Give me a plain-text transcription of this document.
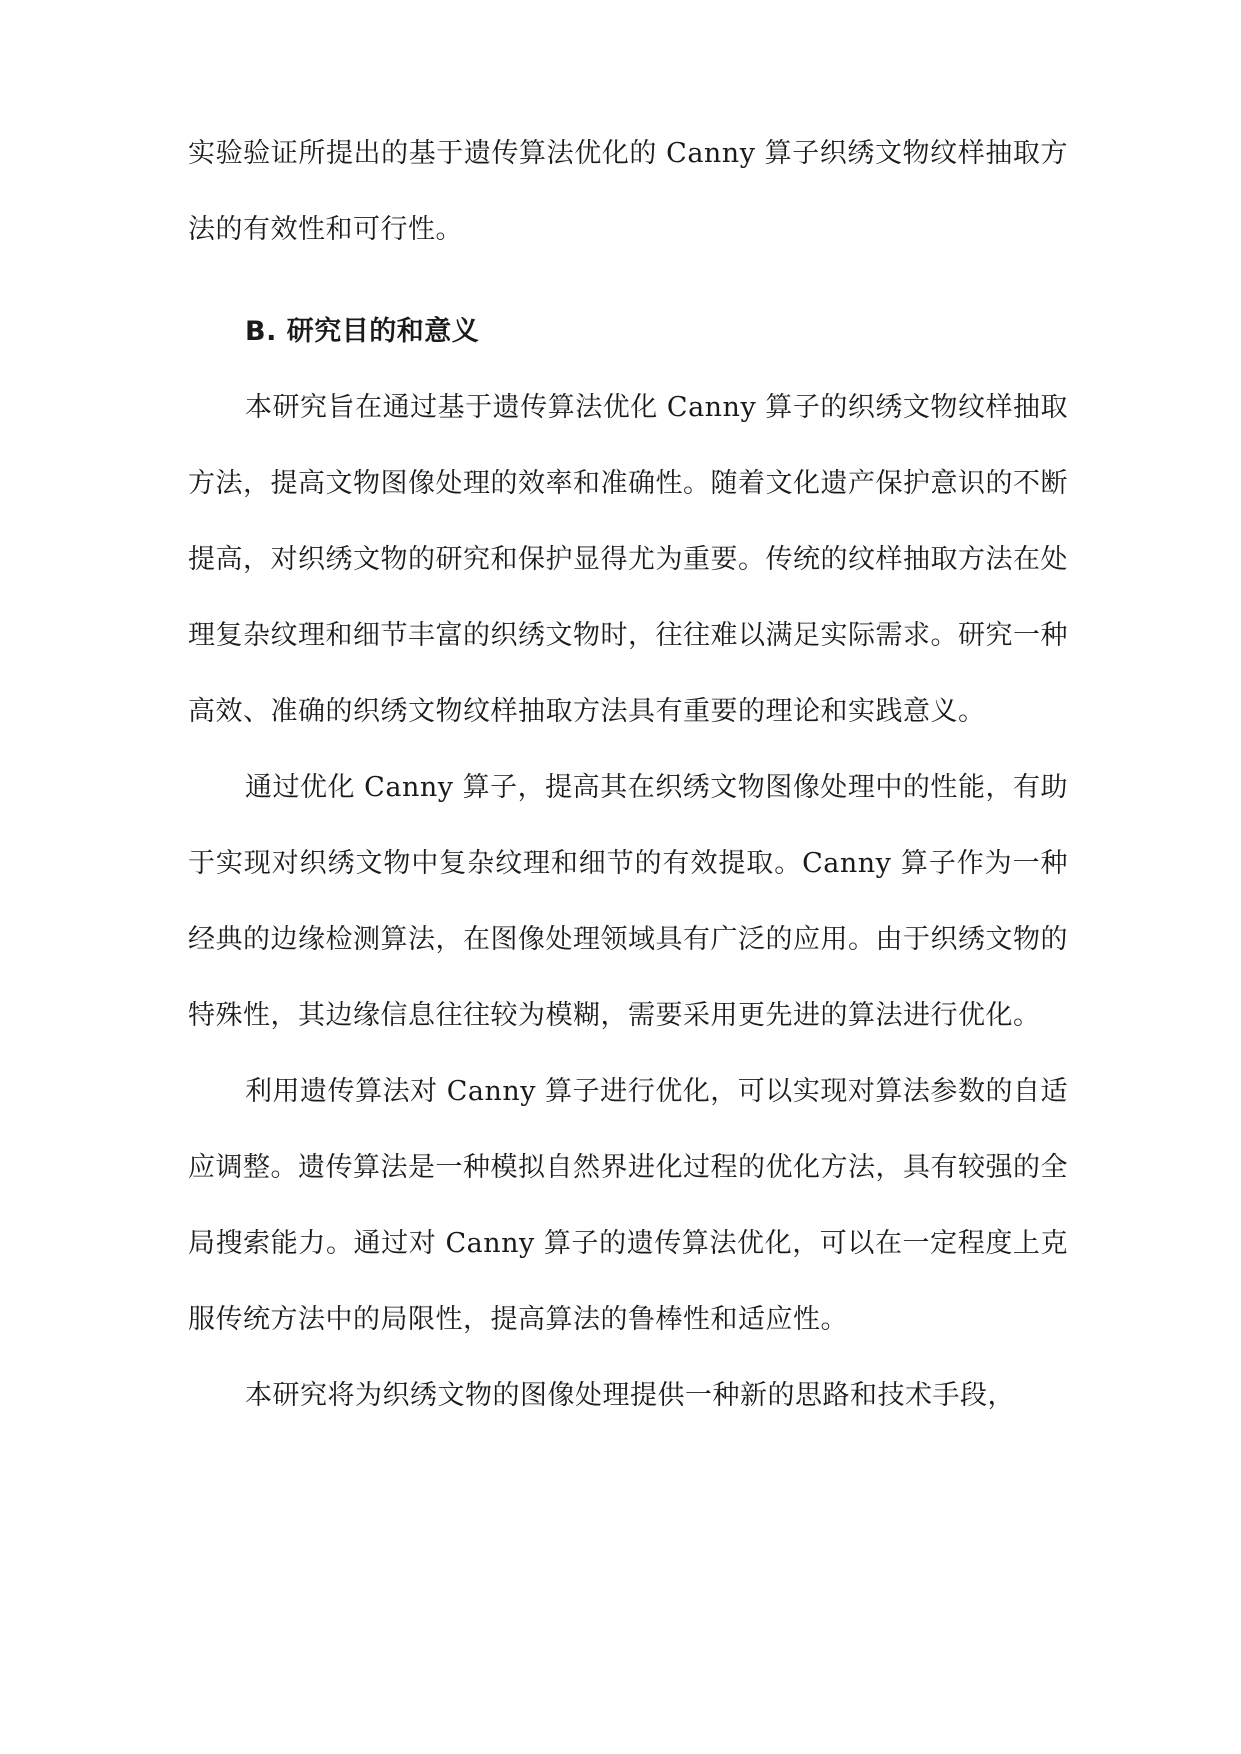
实验验证所提出的基于遗传算法优化的 Canny 算子织绣文物纹样抽取方法的有效性和可行性。

B. 研究目的和意义

本研究旨在通过基于遗传算法优化 Canny 算子的织绣文物纹样抽取方法，提高文物图像处理的效率和准确性。随着文化遗产保护意识的不断提高，对织绣文物的研究和保护显得尤为重要。传统的纹样抽取方法在处理复杂纹理和细节丰富的织绣文物时，往往难以满足实际需求。研究一种高效、准确的织绣文物纹样抽取方法具有重要的理论和实践意义。

通过优化 Canny 算子，提高其在织绣文物图像处理中的性能，有助于实现对织绣文物中复杂纹理和细节的有效提取。Canny 算子作为一种经典的边缘检测算法，在图像处理领域具有广泛的应用。由于织绣文物的特殊性，其边缘信息往往较为模糊，需要采用更先进的算法进行优化。

利用遗传算法对 Canny 算子进行优化，可以实现对算法参数的自适应调整。遗传算法是一种模拟自然界进化过程的优化方法，具有较强的全局搜索能力。通过对 Canny 算子的遗传算法优化，可以在一定程度上克服传统方法中的局限性，提高算法的鲁棒性和适应性。

本研究将为织绣文物的图像处理提供一种新的思路和技术手段，
